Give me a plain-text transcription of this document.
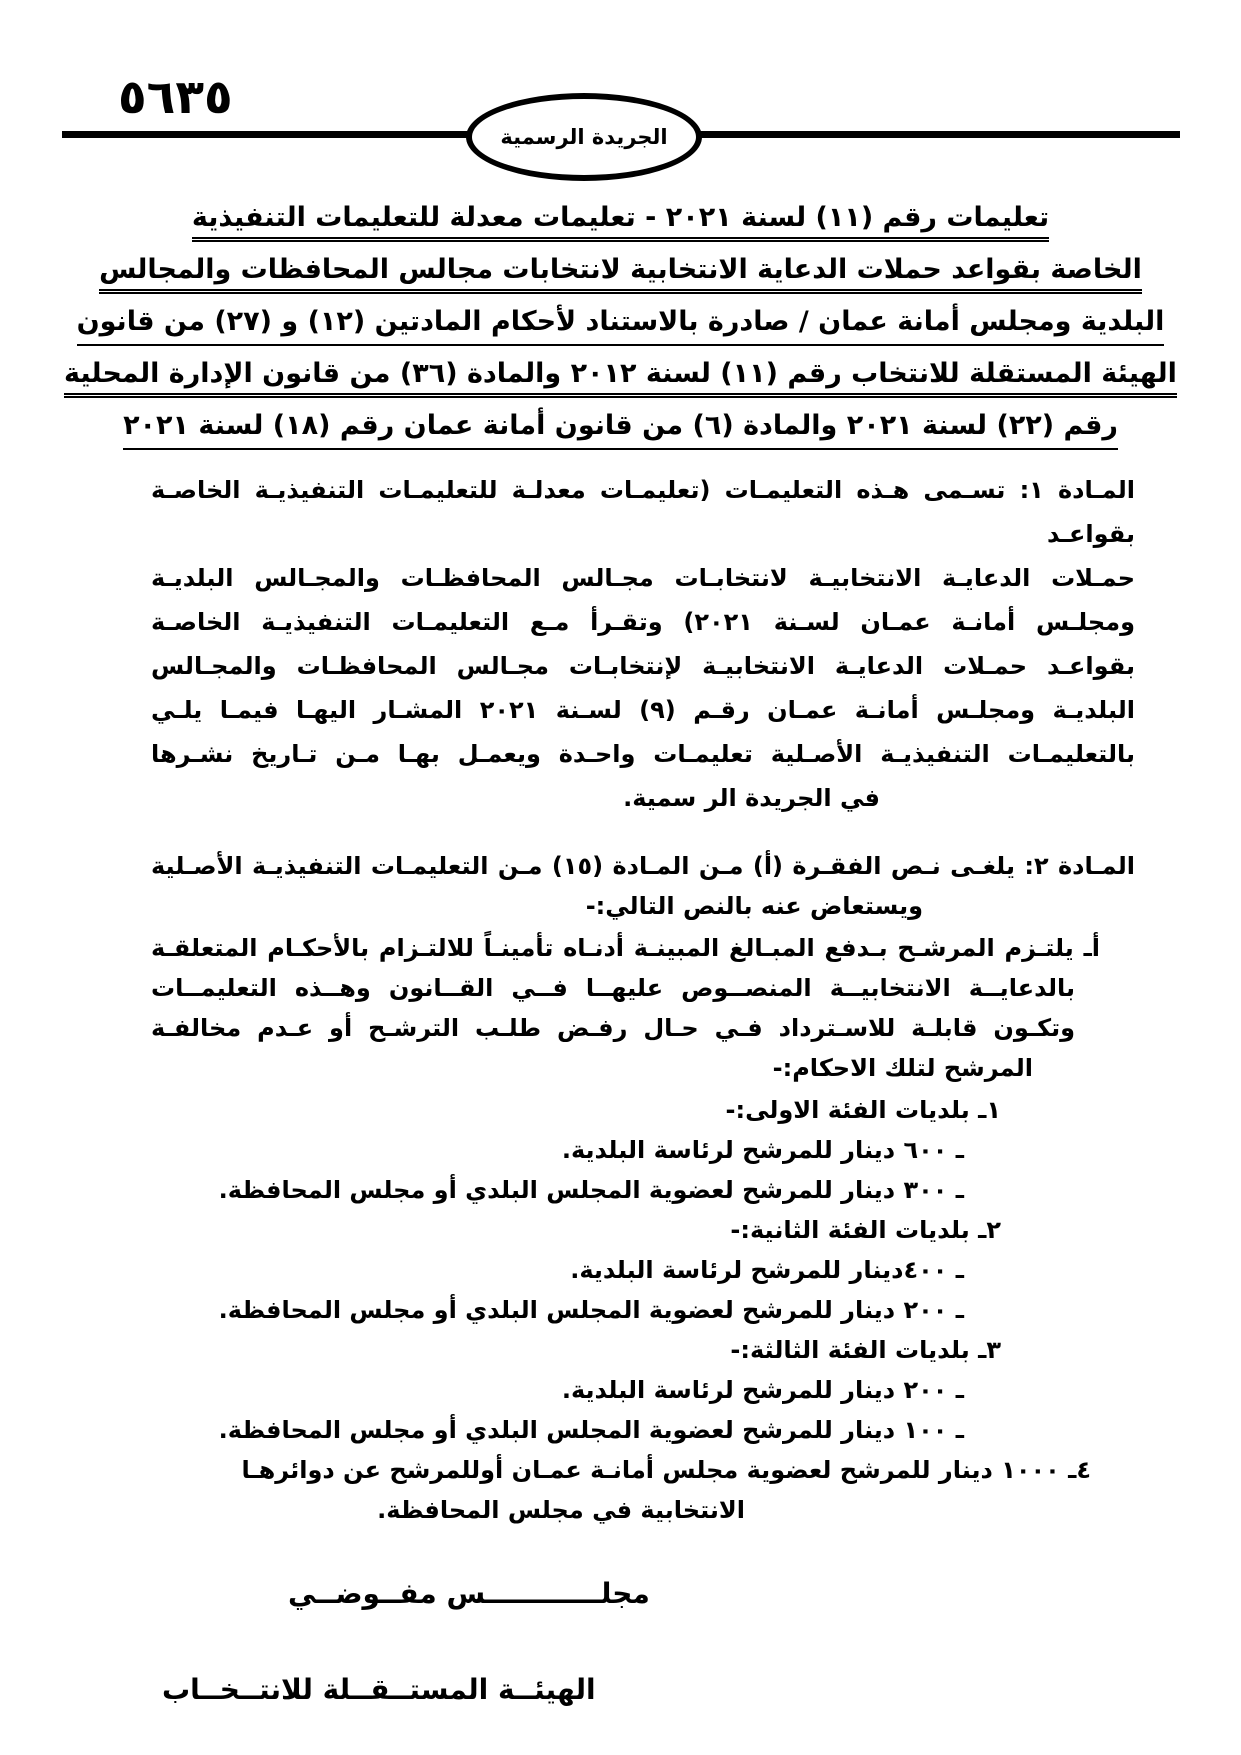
٥٦٣٥
الجريدة الرسمية
تعليمات رقم (١١) لسنة ٢٠٢١ - تعليمات معدلة للتعليمات التنفيذية
الخاصة بقواعد حملات الدعاية الانتخابية لانتخابات مجالس المحافظات والمجالس
البلدية ومجلس أمانة عمان / صادرة بالاستناد لأحكام المادتين (١٢) و (٢٧) من قانون
الهيئة المستقلة للانتخاب رقم (١١) لسنة ٢٠١٢ والمادة (٣٦) من قانون الإدارة المحلية
رقم (٢٢) لسنة ٢٠٢١ والمادة (٦) من قانون أمانة عمان رقم (١٨) لسنة ٢٠٢١
المـادة ١: تسـمى هـذه التعليمـات (تعليمـات معدلـة للتعليمـات التنفيذيـة الخاصـة بقواعـد
حمـلات الدعايـة الانتخابيـة لانتخابـات مجـالس المحافظـات والمجـالس البلديـة
ومجلـس أمانـة عمـان لسـنة ٢٠٢١) وتقـرأ مـع التعليمـات التنفيذيـة الخاصـة
بقواعـد حمـلات الدعايـة الانتخابيـة لإنتخابـات مجـالس المحافظـات والمجـالس
البلديـة ومجلـس أمانـة عمـان رقـم (٩) لسـنة ٢٠٢١ المشـار اليهـا فيمـا يلـي
بالتعليمـات التنفيذيـة الأصـلية تعليمـات واحـدة ويعمـل بهـا مـن تـاريخ نشـرها
في الجريدة الر سمية.
المـادة ٢: يلغـى نـص الفقـرة (أ) مـن المـادة (١٥) مـن التعليمـات التنفيذيـة الأصـلية
ويستعاض عنه بالنص التالي:-
أـ يلتـزم المرشـح بـدفع المبـالغ المبينـة أدنـاه تأمينـاً للالتـزام بالأحكـام المتعلقـة
بالدعايــة الانتخابيــة المنصــوص عليهــا فــي القــانون وهــذه التعليمــات
وتكـون قابلـة للاسـترداد فـي حـال رفـض طلـب الترشـح أو عـدم مخالفـة
المرشح لتلك الاحكام:-
١ـ بلديات الفئة الاولى:-
ـ ٦٠٠ دينار للمرشح لرئاسة البلدية.
ـ ٣٠٠ دينار للمرشح لعضوية المجلس البلدي أو مجلس المحافظة.
٢ـ بلديات الفئة الثانية:-
ـ ٤٠٠دينار للمرشح لرئاسة البلدية.
ـ ٢٠٠ دينار للمرشح لعضوية المجلس البلدي أو مجلس المحافظة.
٣ـ بلديات الفئة الثالثة:-
ـ ٢٠٠ دينار للمرشح لرئاسة البلدية.
ـ ١٠٠ دينار للمرشح لعضوية المجلس البلدي أو مجلس المحافظة.
٤ـ ١٠٠٠ دينار للمرشح لعضوية مجلس أمانـة عمـان أوللمرشح عن دوائرهـا
الانتخابية في مجلس المحافظة.
مجلــــــــــــس مفــوضــي
الهيئــة المستــقــلة للانتــخــاب
